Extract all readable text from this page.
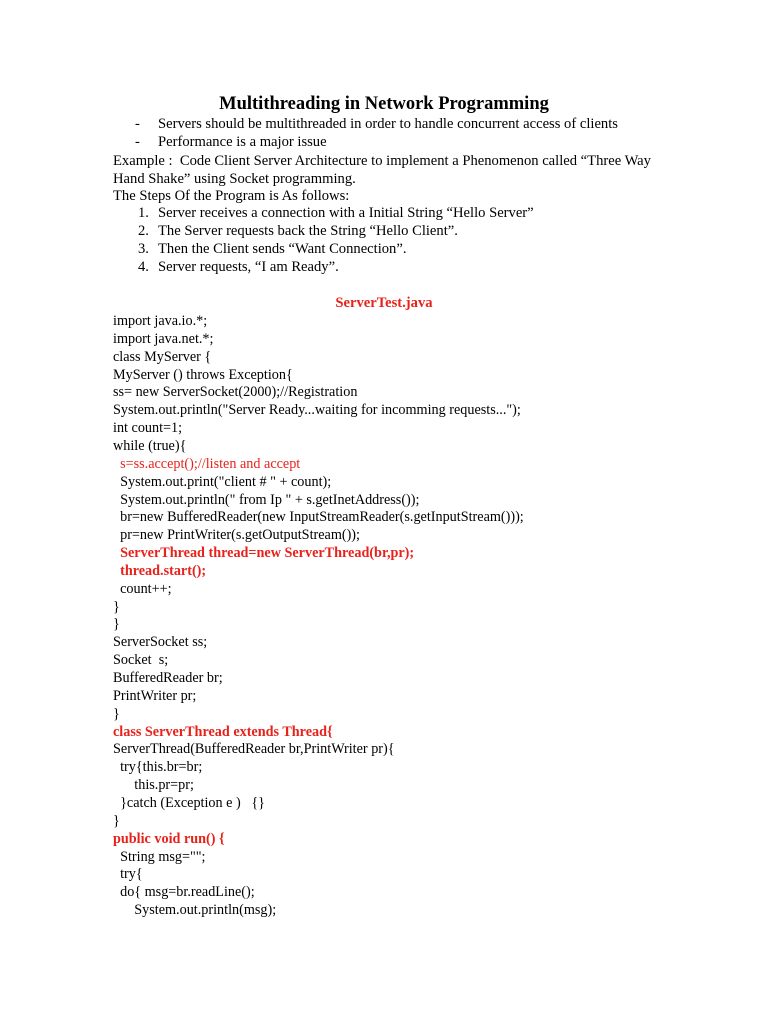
Multithreading in Network Programming
- Servers should be multithreaded in order to handle concurrent access of clients
- Performance is a major issue
Example :  Code Client Server Architecture to implement a Phenomenon called “Three Way
Hand Shake” using Socket programming.
The Steps Of the Program is As follows:
1. Server receives a connection with a Initial String “Hello Server”
2. The Server requests back the String “Hello Client”.
3. Then the Client sends “Want Connection”.
4. Server requests, “I am Ready”.
ServerTest.java
import java.io.*;
import java.net.*;
class MyServer {
MyServer () throws Exception{
ss= new ServerSocket(2000);//Registration
System.out.println("Server Ready...waiting for incomming requests...");
int count=1;
while (true){
s=ss.accept();//listen and accept
System.out.print("client # " + count);
System.out.println(" from Ip " + s.getInetAddress());
br=new BufferedReader(new InputStreamReader(s.getInputStream()));
pr=new PrintWriter(s.getOutputStream());
ServerThread thread=new ServerThread(br,pr);
thread.start();
count++;
}
}
ServerSocket ss;
Socket  s;
BufferedReader br;
PrintWriter pr;
}
class ServerThread extends Thread{
ServerThread(BufferedReader br,PrintWriter pr){
try{this.br=br;
this.pr=pr;
}catch (Exception e )   {}
}
public void run() {
String msg="";
try{
do{ msg=br.readLine();
System.out.println(msg);
